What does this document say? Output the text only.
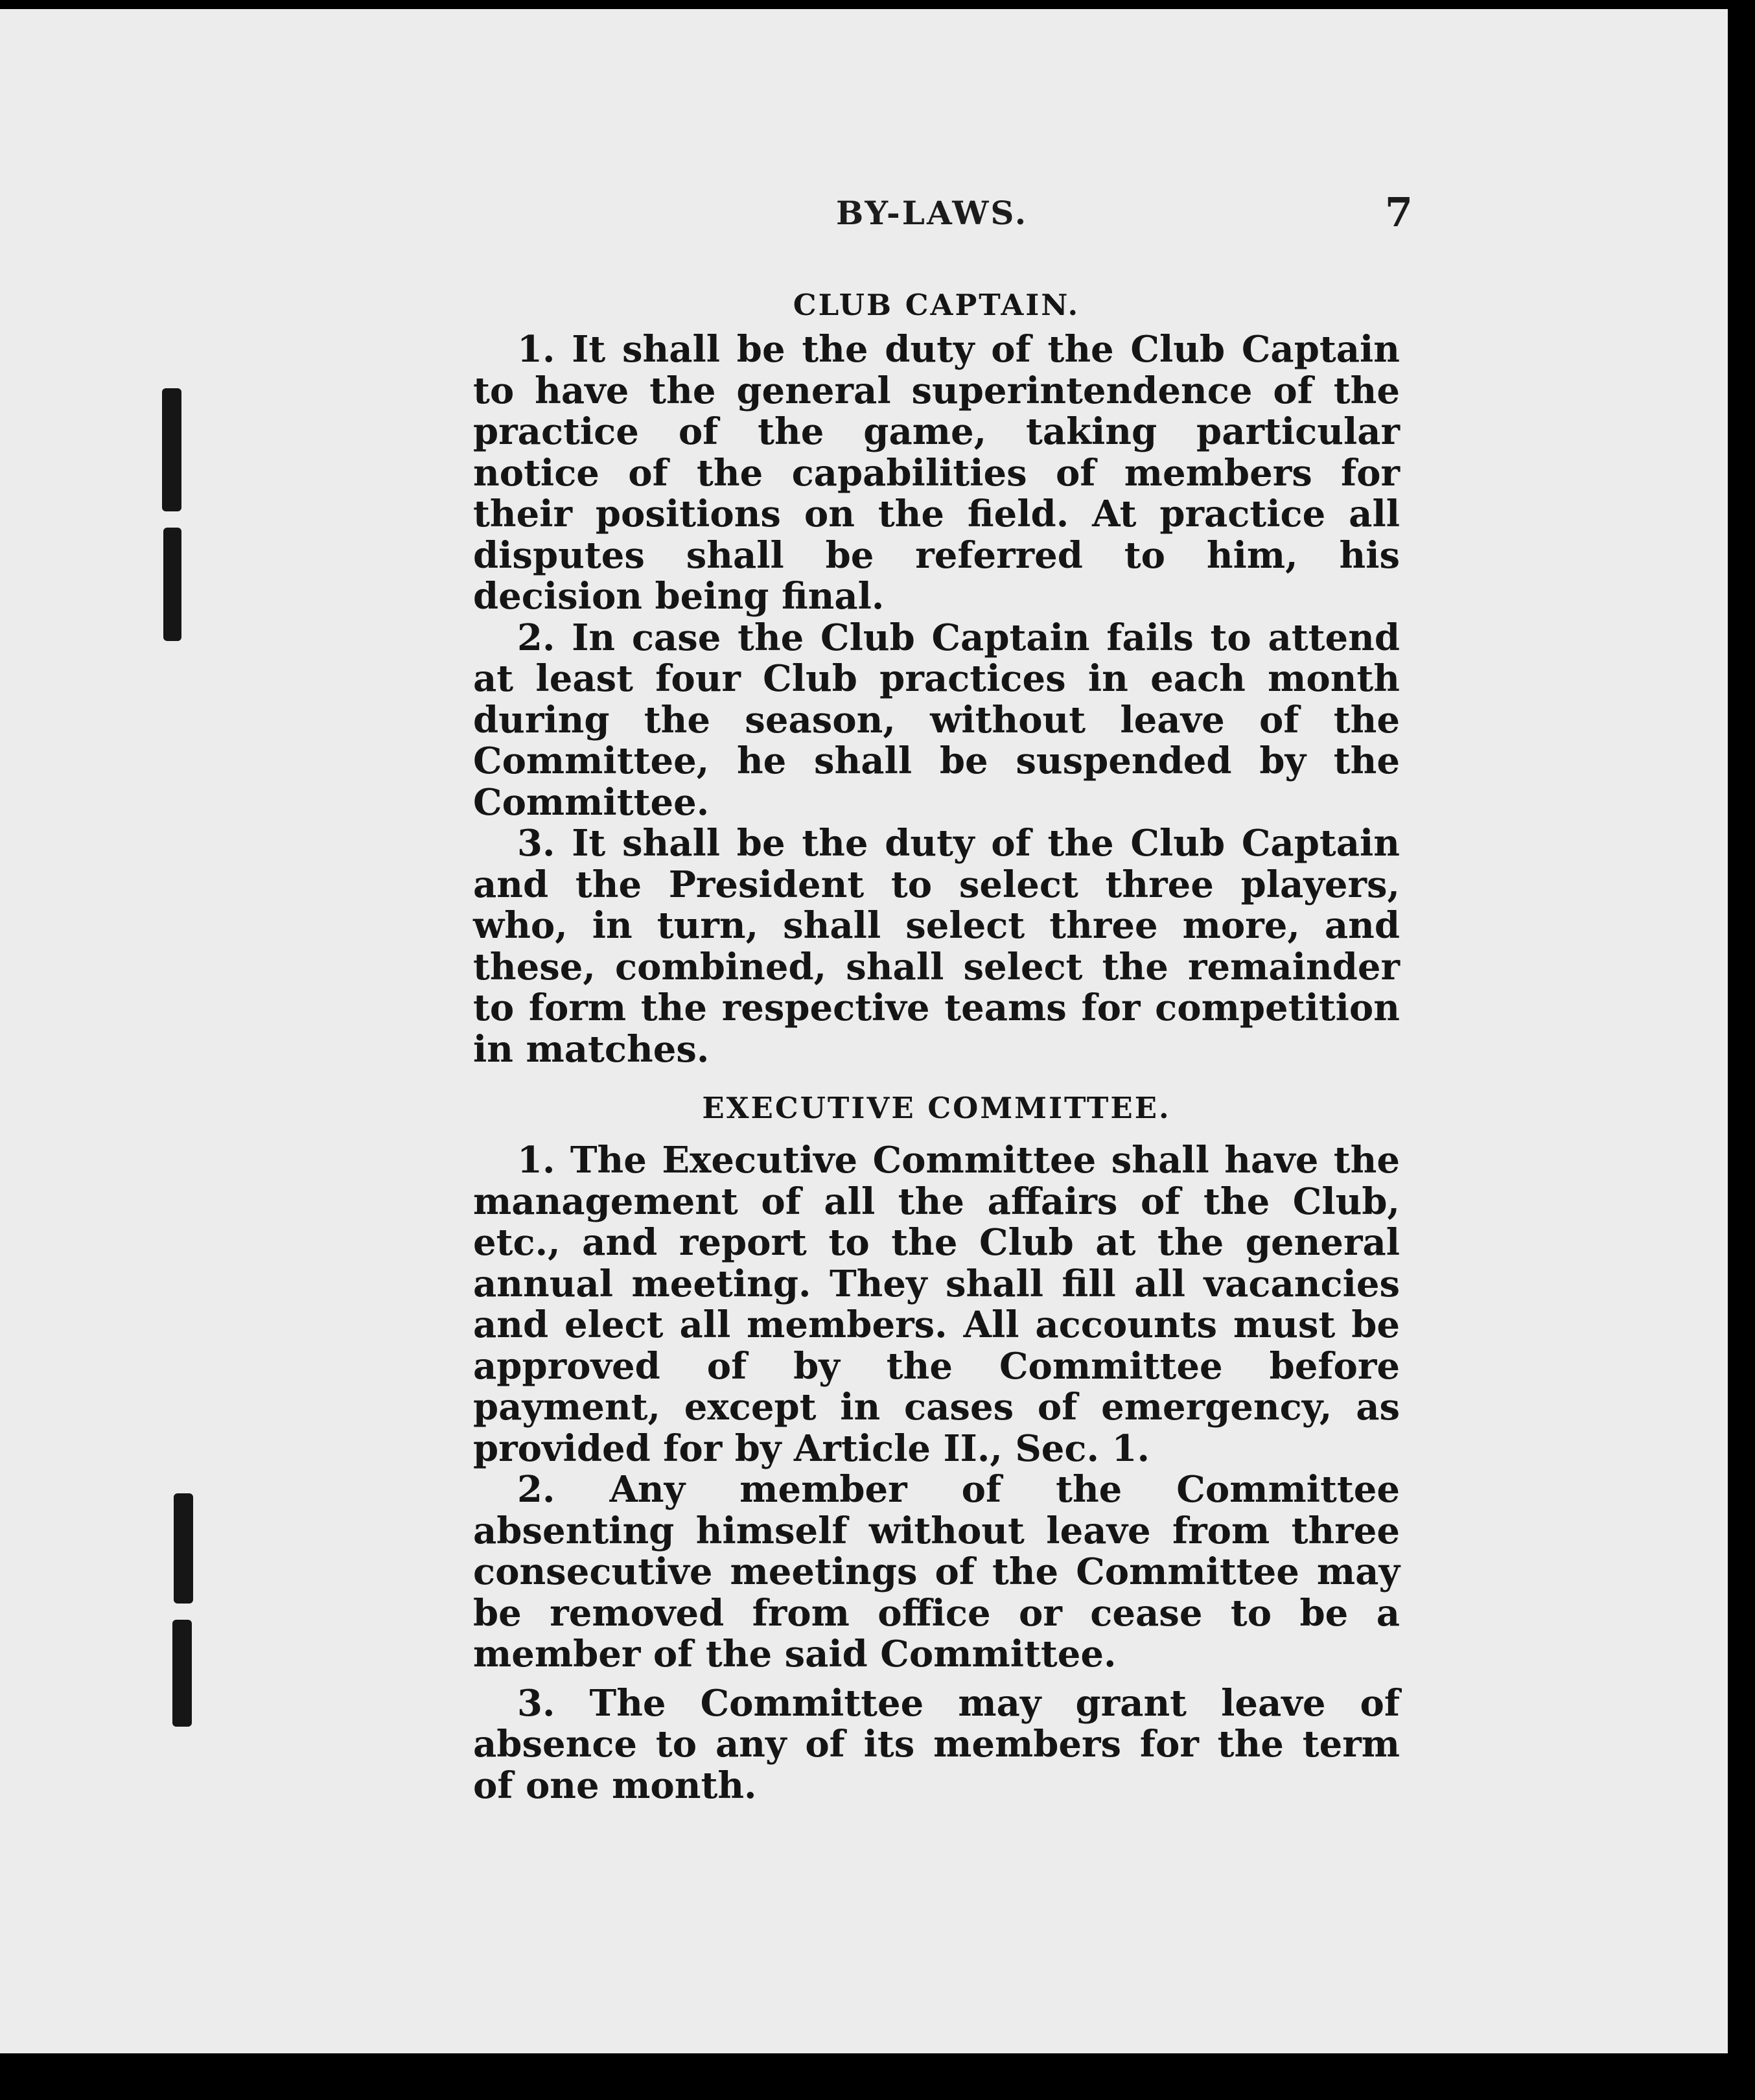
BY-LAWS.	7
CLUB CAPTAIN.

1. It shall be the duty of the Club Captain to have the general superintendence of the practice of the game, taking particular notice of the capabilities of members for their positions on the field. At practice all disputes shall be referred to him, his decision being final.

2. In case the Club Captain fails to attend at least four Club practices in each month during the season, without leave of the Committee, he shall be suspended by the Committee.

3. It shall be the duty of the Club Captain and the President to select three players, who, in turn, shall select three more, and these, combined, shall select the remainder to form the respective teams for competition in matches.

EXECUTIVE COMMITTEE.

1. The Executive Committee shall have the management of all the affairs of the Club, etc., and report to the Club at the general annual meeting. They shall fill all vacancies and elect all members. All accounts must be approved of by the Committee before payment, except in cases of emergency, as provided for by Article II., Sec. 1.

2. Any member of the Committee absenting himself without leave from three consecutive meetings of the Committee may be removed from office or cease to be a member of the said Committee.

3. The Committee may grant leave of absence to any of its members for the term of one month.
